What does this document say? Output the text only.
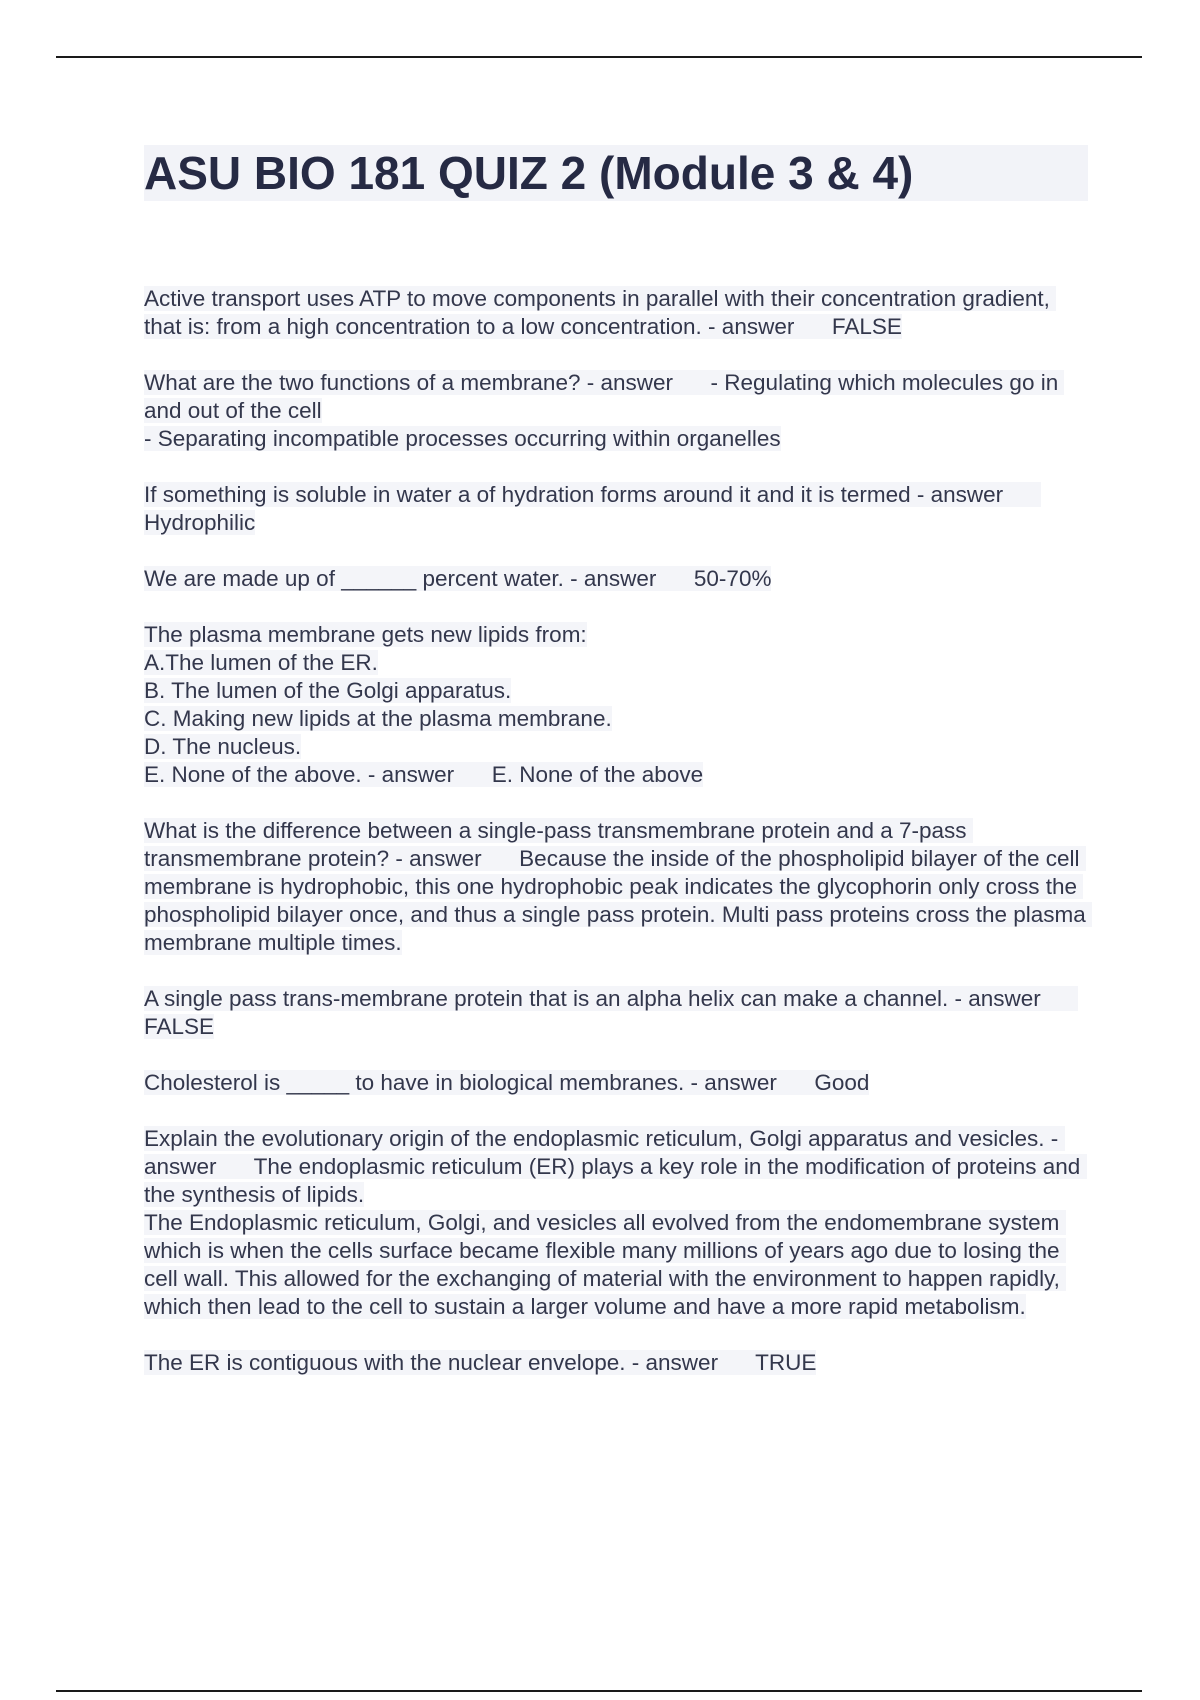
ASU BIO 181 QUIZ 2 (Module 3 & 4)
Active transport uses ATP to move components in parallel with their concentration gradient, that is: from a high concentration to a low concentration. - answer FALSE
What are the two functions of a membrane? - answer - Regulating which molecules go in and out of the cell
- Separating incompatible processes occurring within organelles
If something is soluble in water a of hydration forms around it and it is termed - answer      Hydrophilic
We are made up of ______ percent water. - answer 50-70%
The plasma membrane gets new lipids from:
A.The lumen of the ER.
B. The lumen of the Golgi apparatus.
C. Making new lipids at the plasma membrane.
D. The nucleus.
E. None of the above. - answer E. None of the above
What is the difference between a single-pass transmembrane protein and a 7-pass transmembrane protein? - answer Because the inside of the phospholipid bilayer of the cell membrane is hydrophobic, this one hydrophobic peak indicates the glycophorin only cross the phospholipid bilayer once, and thus a single pass protein. Multi pass proteins cross the plasma membrane multiple times.
A single pass trans-membrane protein that is an alpha helix can make a channel. - answer      FALSE
Cholesterol is _____ to have in biological membranes. - answer Good
Explain the evolutionary origin of the endoplasmic reticulum, Golgi apparatus and vesicles. - answer The endoplasmic reticulum (ER) plays a key role in the modification of proteins and the synthesis of lipids.
The Endoplasmic reticulum, Golgi, and vesicles all evolved from the endomembrane system which is when the cells surface became flexible many millions of years ago due to losing the cell wall. This allowed for the exchanging of material with the environment to happen rapidly, which then lead to the cell to sustain a larger volume and have a more rapid metabolism.
The ER is contiguous with the nuclear envelope. - answer TRUE
